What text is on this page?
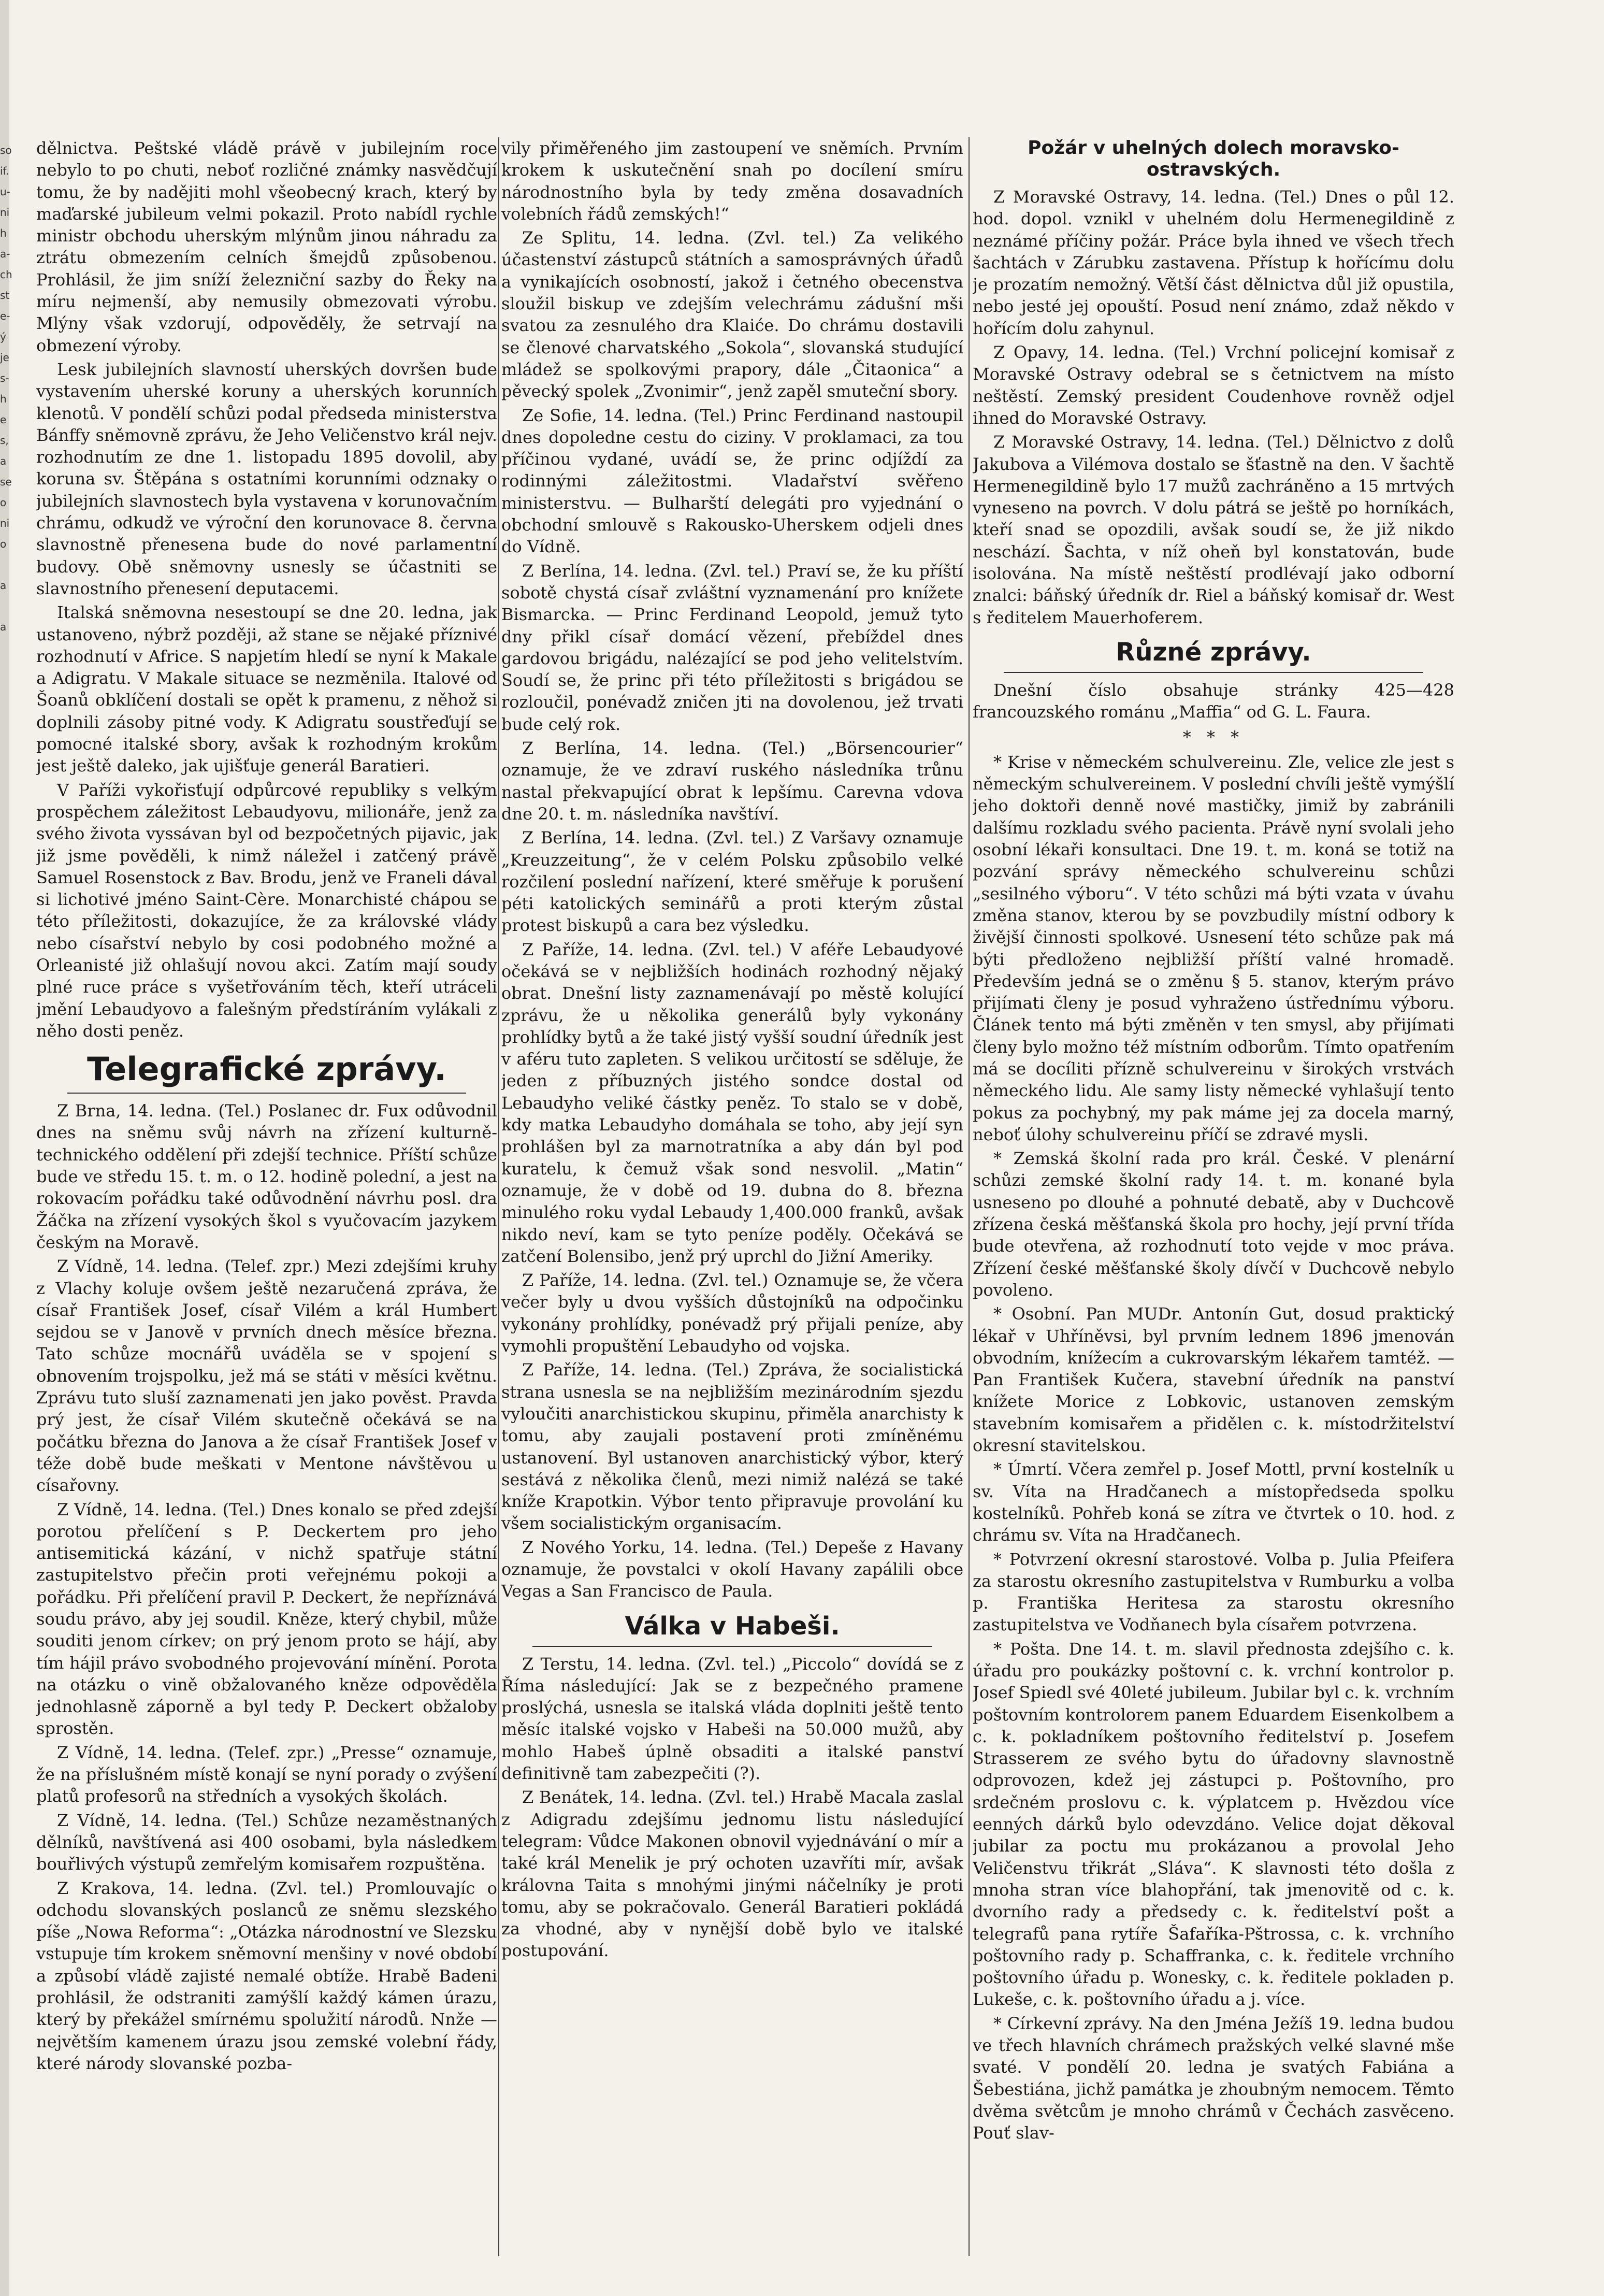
so
if.
u-
ni
h
a-
ch
st
e-
ý
je
s-
h
e
s,
a
se
o
ni
o

a

a

dělnictva. Peštské vládě právě v jubilejním roce nebylo to po chuti, neboť rozličné známky nasvědčují tomu, že by nadějiti mohl všeobecný krach, který by maďarské jubileum velmi pokazil. Proto nabídl rychle ministr obchodu uherským mlýnům jinou náhradu za ztrátu obmezením celních šmejdů způsobenou. Prohlásil, že jim sníží železniční sazby do Řeky na míru nejmenší, aby nemusily obmezovati výrobu. Mlýny však vzdorují, odpověděly, že setrvají na obmezení výroby.

Lesk jubilejních slavností uherských dovršen bude vystavením uherské koruny a uherských korunních klenotů. V pondělí schůzi podal předseda ministerstva Bánffy sněmovně zprávu, že Jeho Veličenstvo král nejv. rozhodnutím ze dne 1. listopadu 1895 dovolil, aby koruna sv. Štěpána s ostatními korunními odznaky o jubilejních slavnostech byla vystavena v korunovačním chrámu, odkudž ve výroční den korunovace 8. června slavnostně přenesena bude do nové parlamentní budovy. Obě sněmovny usnesly se účastniti se slavnostního přenesení deputacemi.

Italská sněmovna nesestoupí se dne 20. ledna, jak ustanoveno, nýbrž později, až stane se nějaké příznivé rozhodnutí v Africe. S napjetím hledí se nyní k Makale a Adigratu. V Makale situace se nezměnila. Italové od Šoanů obklíčení dostali se opět k pramenu, z něhož si doplnili zásoby pitné vody. K Adigratu soustřeďují se pomocné italské sbory, avšak k rozhodným krokům jest ještě daleko, jak ujišťuje generál Baratieri.

V Paříži vykořisťují odpůrcové republiky s velkým prospěchem záležitost Lebaudyovu, milionáře, jenž za svého života vyssávan byl od bezpočetných pijavic, jak již jsme pověděli, k nimž náležel i zatčený právě Samuel Rosenstock z Bav. Brodu, jenž ve Franeli dával si lichotivé jméno Saint-Cère. Monarchisté chápou se této příležitosti, dokazujíce, že za královské vlády nebo císařství nebylo by cosi podobného možné a Orleanisté již ohlašují novou akci. Zatím mají soudy plné ruce práce s vyšetřováním těch, kteří utráceli jmění Lebaudyovo a falešným předstíráním vylákali z něho dosti peněz.

Telegrafické zprávy.

Z Brna, 14. ledna. (Tel.) Poslanec dr. Fux odůvodnil dnes na sněmu svůj návrh na zřízení kulturně-technického oddělení při zdejší technice. Příští schůze bude ve středu 15. t. m. o 12. hodině polední, a jest na rokovacím pořádku také odůvodnění návrhu posl. dra Žáčka na zřízení vysokých škol s vyučovacím jazykem českým na Moravě.

Z Vídně, 14. ledna. (Telef. zpr.) Mezi zdejšími kruhy z Vlachy koluje ovšem ještě nezaručená zpráva, že císař František Josef, císař Vilém a král Humbert sejdou se v Janově v prvních dnech měsíce března. Tato schůze mocnářů uváděla se v spojení s obnovením trojspolku, jež má se státi v měsíci květnu. Zprávu tuto sluší zaznamenati jen jako pověst. Pravda prý jest, že císař Vilém skutečně očekává se na počátku března do Janova a že císař František Josef v téže době bude meškati v Mentone návštěvou u císařovny.

Z Vídně, 14. ledna. (Tel.) Dnes konalo se před zdejší porotou přelíčení s P. Deckertem pro jeho antisemitická kázání, v nichž spatřuje státní zastupitelstvo přečin proti veřejnému pokoji a pořádku. Při přelíčení pravil P. Deckert, že nepříznává soudu právo, aby jej soudil. Kněze, který chybil, může souditi jenom církev; on prý jenom proto se hájí, aby tím hájil právo svobodného projevování mínění. Porota na otázku o vině obžalovaného kněze odpověděla jednohlasně záporně a byl tedy P. Deckert obžaloby sprostěn.

Z Vídně, 14. ledna. (Telef. zpr.) „Presse“ oznamuje, že na příslušném místě konají se nyní porady o zvýšení platů profesorů na středních a vysokých školách.

Z Vídně, 14. ledna. (Tel.) Schůze nezaměstnaných dělníků, navštívená asi 400 osobami, byla následkem bouřlivých výstupů zemřelým komisařem rozpuštěna.

Z Krakova, 14. ledna. (Zvl. tel.) Promlouvajíc o odchodu slovanských poslanců ze sněmu slezského píše „Nowa Reforma“: „Otázka národnostní ve Slezsku vstupuje tím krokem sněmovní menšiny v nové období a způsobí vládě zajisté nemalé obtíže. Hrabě Badeni prohlásil, že odstraniti zamýšlí každý kámen úrazu, který by překážel smírnému spolužití národů. Nnže — největším kamenem úrazu jsou zemské volební řády, které národy slovanské pozba-

vily přiměřeného jim zastoupení ve sněmích. Prvním krokem k uskutečnění snah po docílení smíru národnostního byla by tedy změna dosavadních volebních řádů zemských!“

Ze Splitu, 14. ledna. (Zvl. tel.) Za velikého účastenství zástupců státních a samosprávných úřadů a vynikajících osobností, jakož i četného obecenstva sloužil biskup ve zdejším velechrámu zádušní mši svatou za zesnulého dra Klaiće. Do chrámu dostavili se členové charvatského „Sokola“, slovanská studující mládež se spolkovými prapory, dále „Čitaonica“ a pěvecký spolek „Zvonimir“, jenž zapěl smuteční sbory.

Ze Sofie, 14. ledna. (Tel.) Princ Ferdinand nastoupil dnes dopoledne cestu do ciziny. V proklamaci, za tou příčinou vydané, uvádí se, že princ odjíždí za rodinnými záležitostmi. Vladařství svěřeno ministerstvu. — Bulharští delegáti pro vyjednání o obchodní smlouvě s Rakousko-Uherskem odjeli dnes do Vídně.

Z Berlína, 14. ledna. (Zvl. tel.) Praví se, že ku příští sobotě chystá císař zvláštní vyznamenání pro knížete Bismarcka. — Princ Ferdinand Leopold, jemuž tyto dny přikl císař domácí vězení, přebíždel dnes gardovou brigádu, nalézající se pod jeho velitelstvím. Soudí se, že princ při této příležitosti s brigádou se rozloučil, ponévadž zničen jti na dovolenou, jež trvati bude celý rok.

Z Berlína, 14. ledna. (Tel.) „Börsencourier“ oznamuje, že ve zdraví ruského následníka trůnu nastal překvapující obrat k lepšímu. Carevna vdova dne 20. t. m. následníka navštíví.

Z Berlína, 14. ledna. (Zvl. tel.) Z Varšavy oznamuje „Kreuzzeitung“, že v celém Polsku způsobilo velké rozčilení poslední nařízení, které směřuje k porušení péti katolických seminářů a proti kterým zůstal protest biskupů a cara bez výsledku.

Z Paříže, 14. ledna. (Zvl. tel.) V aféře Lebaudyové očekává se v nejbližších hodinách rozhodný nějaký obrat. Dnešní listy zaznamenávají po městě kolující zprávu, že u několika generálů byly vykonány prohlídky bytů a že také jistý vyšší soudní úředník jest v aféru tuto zapleten. S velikou určitostí se sděluje, že jeden z příbuzných jistého sondce dostal od Lebaudyho veliké částky peněz. To stalo se v době, kdy matka Lebaudyho domáhala se toho, aby její syn prohlášen byl za marnotratníka a aby dán byl pod kuratelu, k čemuž však sond nesvolil. „Matin“ oznamuje, že v době od 19. dubna do 8. března minulého roku vydal Lebaudy 1,400.000 franků, avšak nikdo neví, kam se tyto peníze poděly. Očekává se zatčení Bolensibo, jenž prý uprchl do Jižní Ameriky.

Z Paříže, 14. ledna. (Zvl. tel.) Oznamuje se, že včera večer byly u dvou vyšších důstojníků na odpočinku vykonány prohlídky, ponévadž prý přijali peníze, aby vymohli propuštění Lebaudyho od vojska.

Z Paříže, 14. ledna. (Tel.) Zpráva, že socialistická strana usnesla se na nejbližším mezinárodním sjezdu vyloučiti anarchistickou skupinu, přiměla anarchisty k tomu, aby zaujali postavení proti zmíněnému ustanovení. Byl ustanoven anarchistický výbor, který sestává z několika členů, mezi nimiž nalézá se také kníže Krapotkin. Výbor tento připravuje provolání ku všem socialistickým organisacím.

Z Nového Yorku, 14. ledna. (Tel.) Depeše z Havany oznamuje, že povstalci v okolí Havany zapálili obce Vegas a San Francisco de Paula.

Válka v Habeši.

Z Terstu, 14. ledna. (Zvl. tel.) „Piccolo“ dovídá se z Říma následující: Jak se z bezpečného pramene proslýchá, usnesla se italská vláda doplniti ještě tento měsíc italské vojsko v Habeši na 50.000 mužů, aby mohlo Habeš úplně obsaditi a italské panství definitivně tam zabezpečiti (?).

Z Benátek, 14. ledna. (Zvl. tel.) Hrabě Macala zaslal z Adigradu zdejšímu jednomu listu následující telegram: Vůdce Makonen obnovil vyjednávání o mír a také král Menelik je prý ochoten uzavříti mír, avšak královna Taita s mnohými jinými náčelníky je proti tomu, aby se pokračovalo. Generál Baratieri pokládá za vhodné, aby v nynější době bylo ve italské postupování.

Požár v uhelných dolech moravsko-ostravských.

Z Moravské Ostravy, 14. ledna. (Tel.) Dnes o půl 12. hod. dopol. vznikl v uhelném dolu Hermenegildině z neznámé příčiny požár. Práce byla ihned ve všech třech šachtách v Zárubku zastavena. Přístup k hořícímu dolu je prozatím nemožný. Větší část dělnictva důl již opustila, nebo jesté jej opouští. Posud není známo, zdaž někdo v hořícím dolu zahynul.

Z Opavy, 14. ledna. (Tel.) Vrchní policejní komisař z Moravské Ostravy odebral se s četnictvem na místo neštěstí. Zemský president Coudenhove rovněž odjel ihned do Moravské Ostravy.

Z Moravské Ostravy, 14. ledna. (Tel.) Dělnictvo z dolů Jakubova a Vilémova dostalo se šťastně na den. V šachtě Hermenegildině bylo 17 mužů zachráněno a 15 mrtvých vyneseno na povrch. V dolu pátrá se ještě po horníkách, kteří snad se opozdili, avšak soudí se, že již nikdo neschází. Šachta, v níž oheň byl konstatován, bude isolována. Na místě neštěstí prodlévají jako odborní znalci: báňský úředník dr. Riel a báňský komisař dr. West s ředitelem Mauerhoferem.

Různé zprávy.

Dnešní číslo obsahuje stránky 425—428 francouzského románu „Maffia“ od G. L. Faura.

* * *

* Krise v německém schulvereinu. Zle, velice zle jest s německým schulvereinem. V poslední chvíli ještě vymýšlí jeho doktoři denně nové mastičky, jimiž by zabránili dalšímu rozkladu svého pacienta. Právě nyní svolali jeho osobní lékaři konsultaci. Dne 19. t. m. koná se totiž na pozvání správy německého schulvereinu schůzi „sesilného výboru“. V této schůzi má býti vzata v úvahu změna stanov, kterou by se povzbudily místní odbory k živější činnosti spolkové. Usnesení této schůze pak má býti předloženo nejbližší příští valné hromadě. Především jedná se o změnu § 5. stanov, kterým právo přijímati členy je posud vyhraženo ústřednímu výboru. Článek tento má býti změněn v ten smysl, aby přijímati členy bylo možno též místním odborům. Tímto opatřením má se docíliti přízně schulvereinu v širokých vrstvách německého lidu. Ale samy listy německé vyhlašují tento pokus za pochybný, my pak máme jej za docela marný, neboť úlohy schulvereinu příčí se zdravé mysli.

* Zemská školní rada pro král. České. V plenární schůzi zemské školní rady 14. t. m. konané byla usneseno po dlouhé a pohnuté debatě, aby v Duchcově zřízena česká měšťanská škola pro hochy, její první třída bude otevřena, až rozhodnutí toto vejde v moc práva. Zřízení české měšťanské školy dívčí v Duchcově nebylo povoleno.

* Osobní. Pan MUDr. Antonín Gut, dosud praktický lékař v Uhříněvsi, byl prvním lednem 1896 jmenován obvodním, knížecím a cukrovarským lékařem tamtéž. — Pan František Kučera, stavební úředník na panství knížete Morice z Lobkovic, ustanoven zemským stavebním komisařem a přidělen c. k. místodržitelství okresní stavitelskou.

* Úmrtí. Včera zemřel p. Josef Mottl, první kostelník u sv. Víta na Hradčanech a místopředseda spolku kostelníků. Pohřeb koná se zítra ve čtvrtek o 10. hod. z chrámu sv. Víta na Hradčanech.

* Potvrzení okresní starostové. Volba p. Julia Pfeifera za starostu okresního zastupitelstva v Rumburku a volba p. Františka Heritesa za starostu okresního zastupitelstva ve Vodňanech byla císařem potvrzena.

* Pošta. Dne 14. t. m. slavil přednosta zdejšího c. k. úřadu pro poukázky poštovní c. k. vrchní kontrolor p. Josef Spiedl své 40leté jubileum. Jubilar byl c. k. vrchním poštovním kontrolorem panem Eduardem Eisenkolbem a c. k. pokladníkem poštovního ředitelství p. Josefem Strasserem ze svého bytu do úřadovny slavnostně odprovozen, kdež jej zástupci p. Poštovního, pro srdečném proslovu c. k. výplatcem p. Hvězdou více eenných dárků bylo odevzdáno. Velice dojat děkoval jubilar za poctu mu prokázanou a provolal Jeho Veličenstvu třikrát „Sláva“. K slavnosti této došla z mnoha stran více blahopřání, tak jmenovitě od c. k. dvorního rady a předsedy c. k. ředitelství pošt a telegrafů pana rytíře Šafaříka-Pštrossa, c. k. vrchního poštovního rady p. Schaffranka, c. k. ředitele vrchního poštovního úřadu p. Wonesky, c. k. ředitele pokladen p. Lukeše, c. k. poštovního úřadu a j. více.

* Církevní zprávy. Na den Jména Ježíš 19. ledna budou ve třech hlavních chrámech pražských velké slavné mše svaté. V pondělí 20. ledna je svatých Fabiána a Šebestiána, jichž památka je zhoubným nemocem. Těmto dvěma světcům je mnoho chrámů v Čechách zasvěceno. Pouť slav-
